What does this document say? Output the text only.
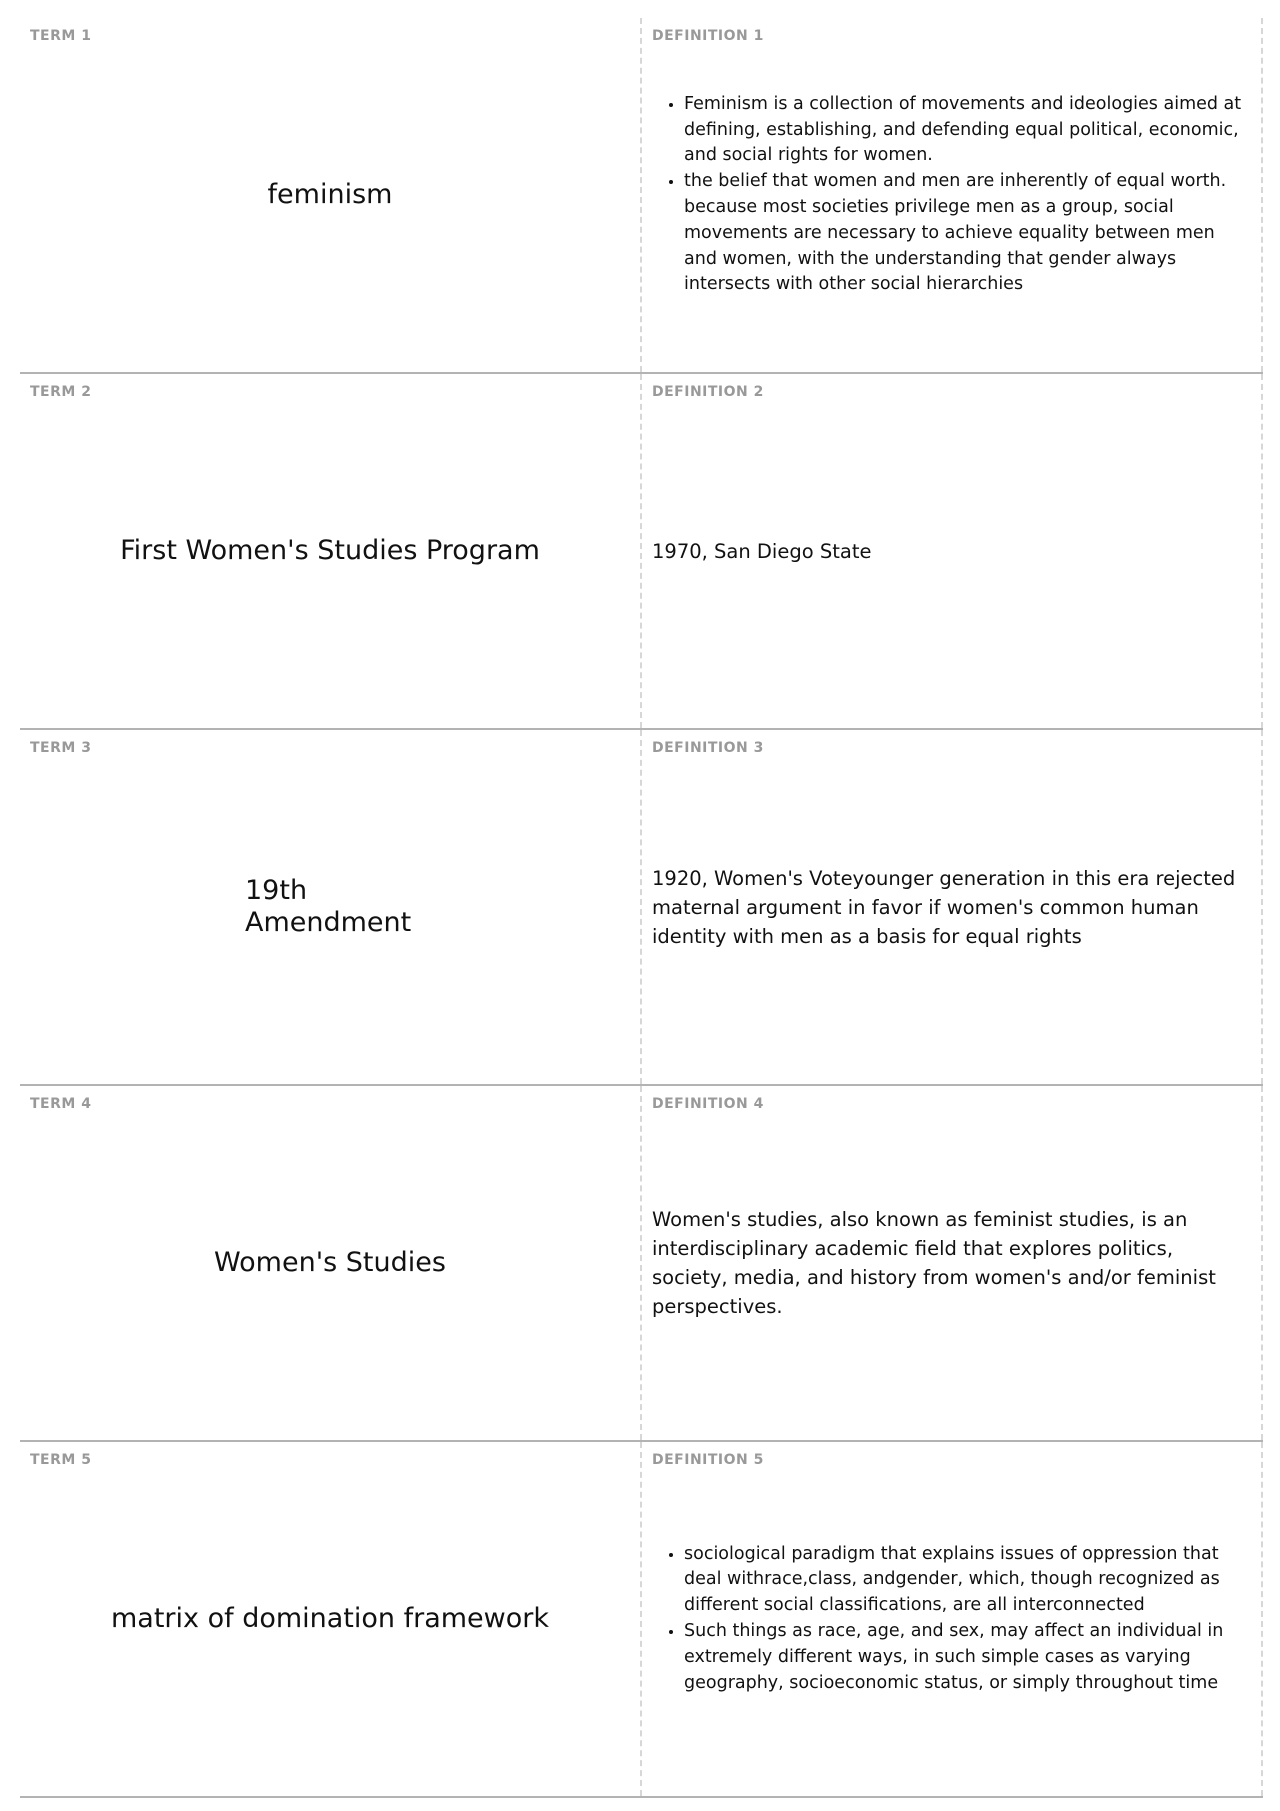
TERM 1
feminism
DEFINITION 1
• Feminism is a collection of movements and ideologies aimed at defining, establishing, and defending equal political, economic, and social rights for women.
• the belief that women and men are inherently of equal worth. because most societies privilege men as a group, social movements are necessary to achieve equality between men and women, with the understanding that gender always intersects with other social hierarchies
TERM 2
First Women's Studies Program
DEFINITION 2
1970, San Diego State
TERM 3
19th Amendment
DEFINITION 3
1920, Women's Voteyounger generation in this era rejected maternal argument in favor if women's common human identity with men as a basis for equal rights
TERM 4
Women's Studies
DEFINITION 4
Women's studies, also known as feminist studies, is an interdisciplinary academic field that explores politics, society, media, and history from women's and/or feminist perspectives.
TERM 5
matrix of domination framework
DEFINITION 5
• sociological paradigm that explains issues of oppression that deal withrace,class, andgender, which, though recognized as different social classifications, are all interconnected
• Such things as race, age, and sex, may affect an individual in extremely different ways, in such simple cases as varying geography, socioeconomic status, or simply throughout time
